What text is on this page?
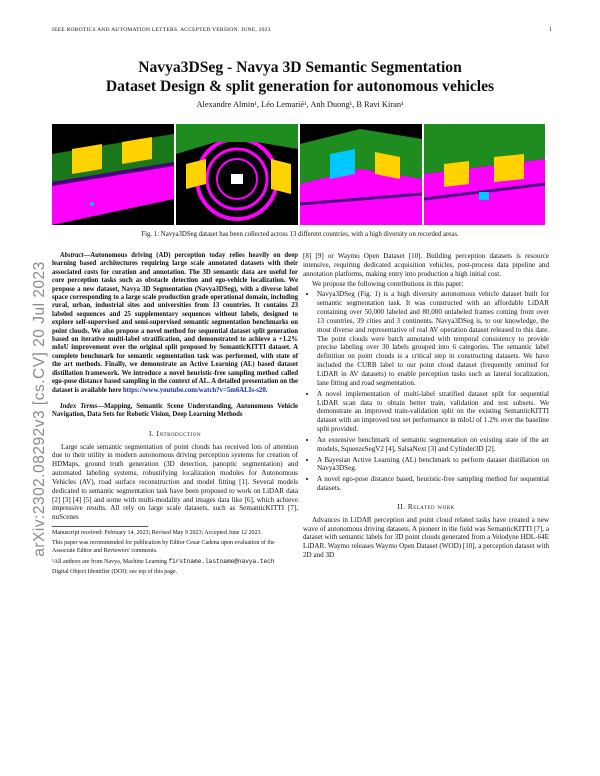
IEEE ROBOTICS AND AUTOMATION LETTERS. ACCEPTED VERSION. JUNE, 2023	1
Navya3DSeg - Navya 3D Semantic Segmentation
Dataset Design & split generation for autonomous vehicles
Alexandre Almin¹, Léo Lemarié¹, Anh Duong¹, B Ravi Kiran¹
Fig. 1: Navya3DSeg dataset has been collected across 13 different countries, with a high diversity on recorded areas.
arXiv:2302.08292v3 [cs.CV] 20 Jul 2023

Abstract—Autonomous driving (AD) perception today relies heavily on deep learning based architectures requiring large scale annotated datasets with their associated costs for curation and annotation. The 3D semantic data are useful for core perception tasks such as obstacle detection and ego-vehicle localization. We propose a new dataset, Navya 3D Segmentation (Navya3DSeg), with a diverse label space corresponding to a large scale production grade operational domain, including rural, urban, industrial sites and universities from 13 countries. It contains 23 labeled sequences and 25 supplementary sequences without labels, designed to explore self-supervised and semi-supervised semantic segmentation benchmarks on point clouds. We also propose a novel method for sequential dataset split generation based on iterative multi-label stratification, and demonstrated to achieve a +1.2% mIoU improvement over the original split proposed by SemanticKITTI dataset. A complete benchmark for semantic segmentation task was performed, with state of the art methods. Finally, we demonstrate an Active Learning (AL) based dataset distillation framework. We introduce a novel heuristic-free sampling method called ego-pose distance based sampling in the context of AL. A detailed presentation on the dataset is available here https://www.youtube.com/watch?v=5m6ALIs-s20.

Index Terms—Mapping, Semantic Scene Understanding, Autonomous Vehicle Navigation, Data Sets for Robotic Vision, Deep Learning Methods

I. Introduction

Large scale semantic segmentation of point clouds has received lots of attention due to their utility in modern autonomous driving perception systems for creation of HDMaps, ground truth generation (3D detection, panoptic segmentation) and automated labeling systems, robustifying localization modules for Autonomous Vehicles (AV), road surface reconstruction and model fitting [1]. Several models dedicated to semantic segmentation task have been proposed to work on LiDAR data [2] [3] [4] [5] and some with multi-modality and images data like [6], which achieve impressive results. All rely on large scale datasets, such as SemanticKITTI [7], nuScenes

Manuscript received: February 14, 2023; Revised May 9 2023; Accepted June 12 2023.
This paper was recommended for publication by Editor Cesar Cadena upon evaluation of the Associate Editor and Reviewers' comments.
¹All authors are from Navya, Machine Learning firstname.lastname@navya.tech
Digital Object Identifier (DOI): see top of this page.

[8] [9] or Waymo Open Dataset [10]. Building perception datasets is resource intensive, requiring dedicated acquisition vehicles, post-process data pipeline and annotation platforms, making entry into production a high initial cost.

We propose the following contributions in this paper:

• Navya3DSeg (Fig. 1) is a high diversity autonomous vehicle dataset built for semantic segmentation task. It was constructed with an affordable LiDAR containing over 50,000 labeled and 80,000 unlabeled frames coming from over 13 countries, 39 cities and 3 continents. Navya3DSeg is, to our knowledge, the most diverse and representative of real AV operation dataset released to this date. The point clouds were batch annotated with temporal consistency to provide precise labeling over 30 labels grouped into 6 categories. The semantic label definition on point clouds is a critical step in constructing datasets. We have included the CURB label to our point cloud dataset (frequently omitted for LiDAR in AV datasets) to enable perception tasks such as lateral localization, lane fitting and road segmentation.
• A novel implementation of multi-label stratified dataset split for sequential LiDAR scan data to obtain better train, validation and test subsets. We demonstrate an improved train-validation split on the existing SemanticKITTI dataset with an improved test set performance in mIoU of 1.2% over the baseline split provided.
• An extensive benchmark of semantic segmentation on existing state of the art models, SqueezeSegV2 [4], SalsaNext [3] and Cylinder3D [2].
• A Bayesian Active Learning (AL) benchmark to perform dataset distillation on Navya3DSeg.
• A novel ego-pose distance based, heuristic-free sampling method for sequential datasets.
II. Related work

Advances in LiDAR perception and point cloud related tasks have created a new wave of autonomous driving datasets. A pioneer in the field was SemanticKITTI [7], a dataset with semantic labels for 3D point clouds generated from a Velodyne HDL-64E LiDAR. Waymo releases Waymo Open Dataset (WOD) [10], a perception dataset with 2D and 3D
